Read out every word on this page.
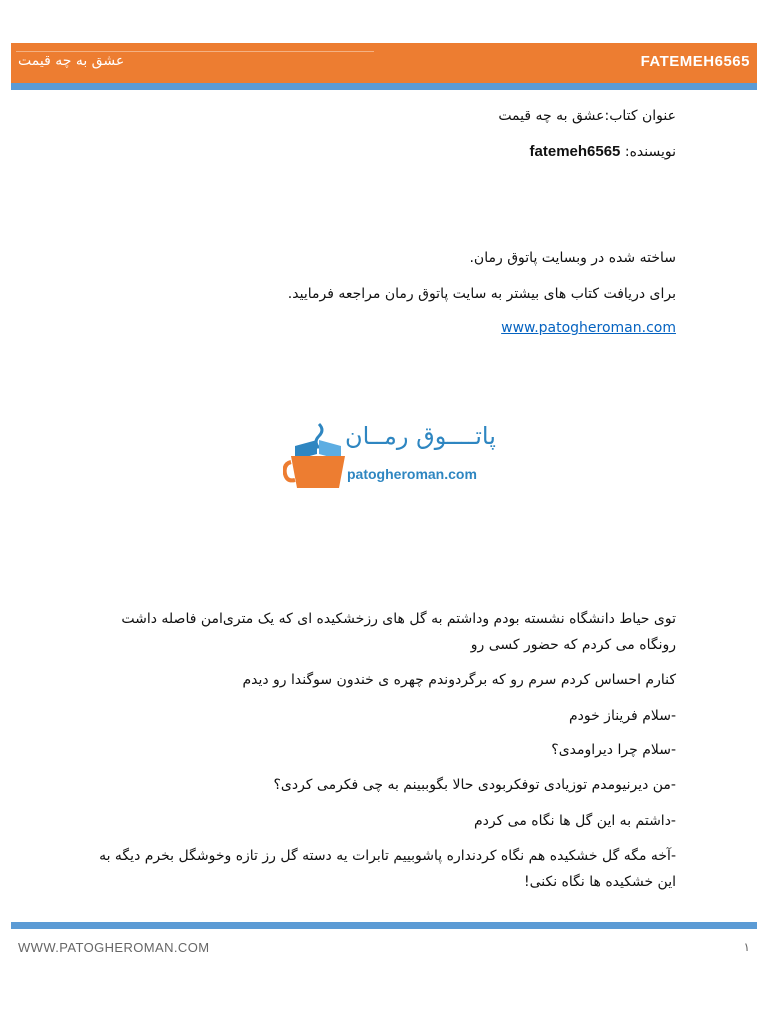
عشق به چه قیمت	FATEMEH6565
عنوان کتاب:عشق به چه قیمت
نویسنده: fatemeh6565
ساخته شده در وبسایت پاتوق رمان.
برای دریافت کتاب های بیشتر به سایت پاتوق رمان مراجعه فرمایید.
www.patogheroman.com
پاتــــوق رمــان
patogheroman.com
توی حیاط دانشگاه نشسته بودم وداشتم به گل های رزخشکیده ای که یک متری‌امن فاصله داشت رونگاه می کردم که حضور کسی رو
کنارم احساس کردم سرم رو که برگردوندم چهره ی خندون سوگندا رو دیدم
-سلام فریناز خودم
-سلام چرا دیراومدی؟
-من دیرنیومدم توزیادی توفکربودی حالا بگوببینم به چی فکرمی کردی؟
-داشتم به این گل ها نگاه می کردم
-آخه مگه گل خشکیده هم نگاه کردنداره پاشوبییم تابرات یه دسته گل رز تازه وخوشگل بخرم دیگه به این خشکیده ها نگاه نکنی!
WWW.PATOGHEROMAN.COM	۱
